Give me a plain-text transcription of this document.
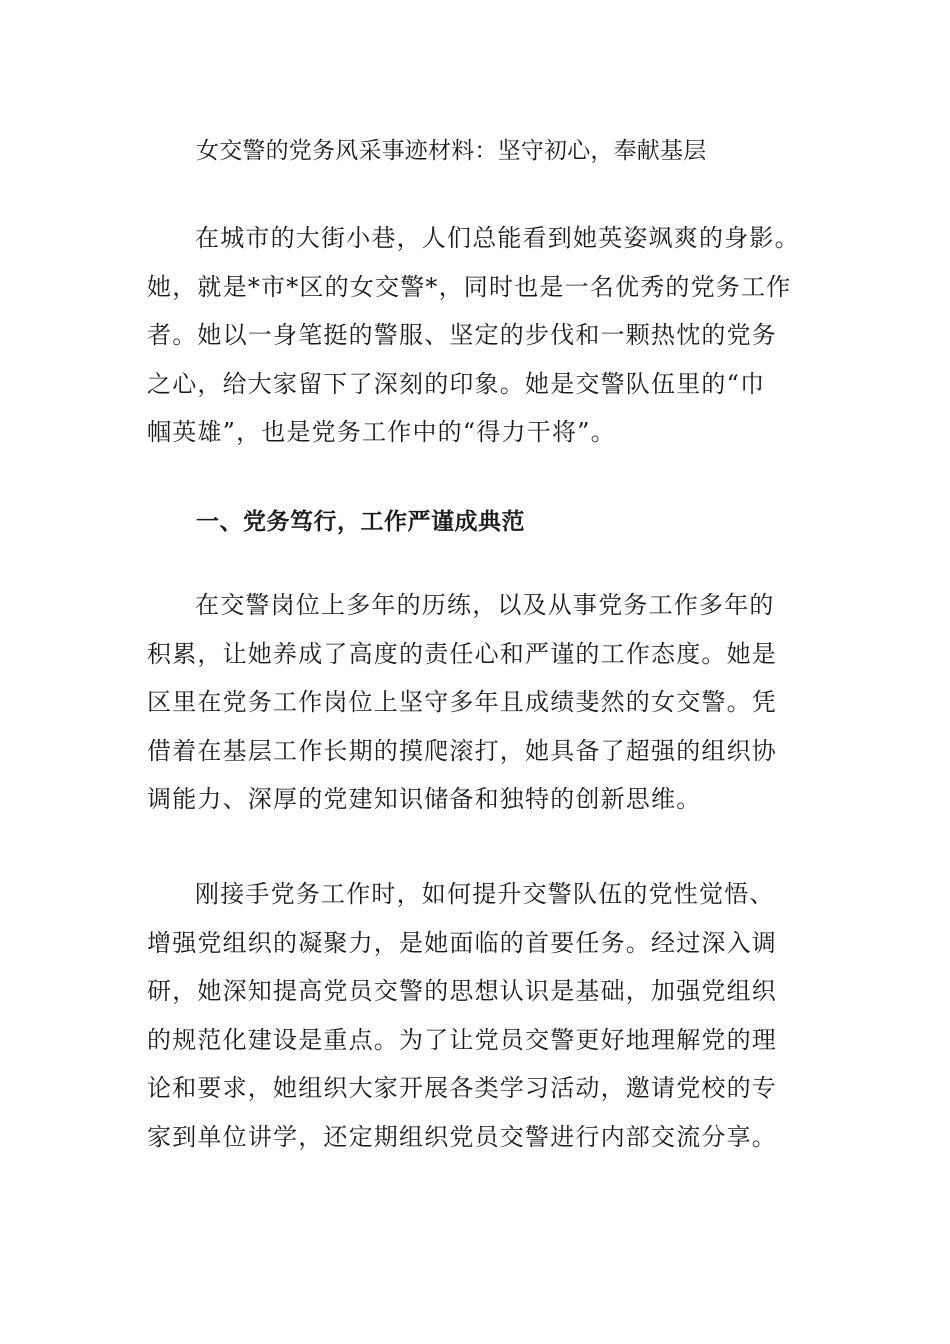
女交警的党务风采事迹材料：坚守初心，奉献基层
在城市的大街小巷，人们总能看到她英姿飒爽的身影。
她，就是*市*区的女交警*，同时也是一名优秀的党务工作
者。她以一身笔挺的警服、坚定的步伐和一颗热忱的党务
之心，给大家留下了深刻的印象。她是交警队伍里的“巾
帼英雄”，也是党务工作中的“得力干将”。
一、党务笃行，工作严谨成典范
在交警岗位上多年的历练，以及从事党务工作多年的
积累，让她养成了高度的责任心和严谨的工作态度。她是
区里在党务工作岗位上坚守多年且成绩斐然的女交警。凭
借着在基层工作长期的摸爬滚打，她具备了超强的组织协
调能力、深厚的党建知识储备和独特的创新思维。
刚接手党务工作时，如何提升交警队伍的党性觉悟、
增强党组织的凝聚力，是她面临的首要任务。经过深入调
研，她深知提高党员交警的思想认识是基础，加强党组织
的规范化建设是重点。为了让党员交警更好地理解党的理
论和要求，她组织大家开展各类学习活动，邀请党校的专
家到单位讲学，还定期组织党员交警进行内部交流分享。
